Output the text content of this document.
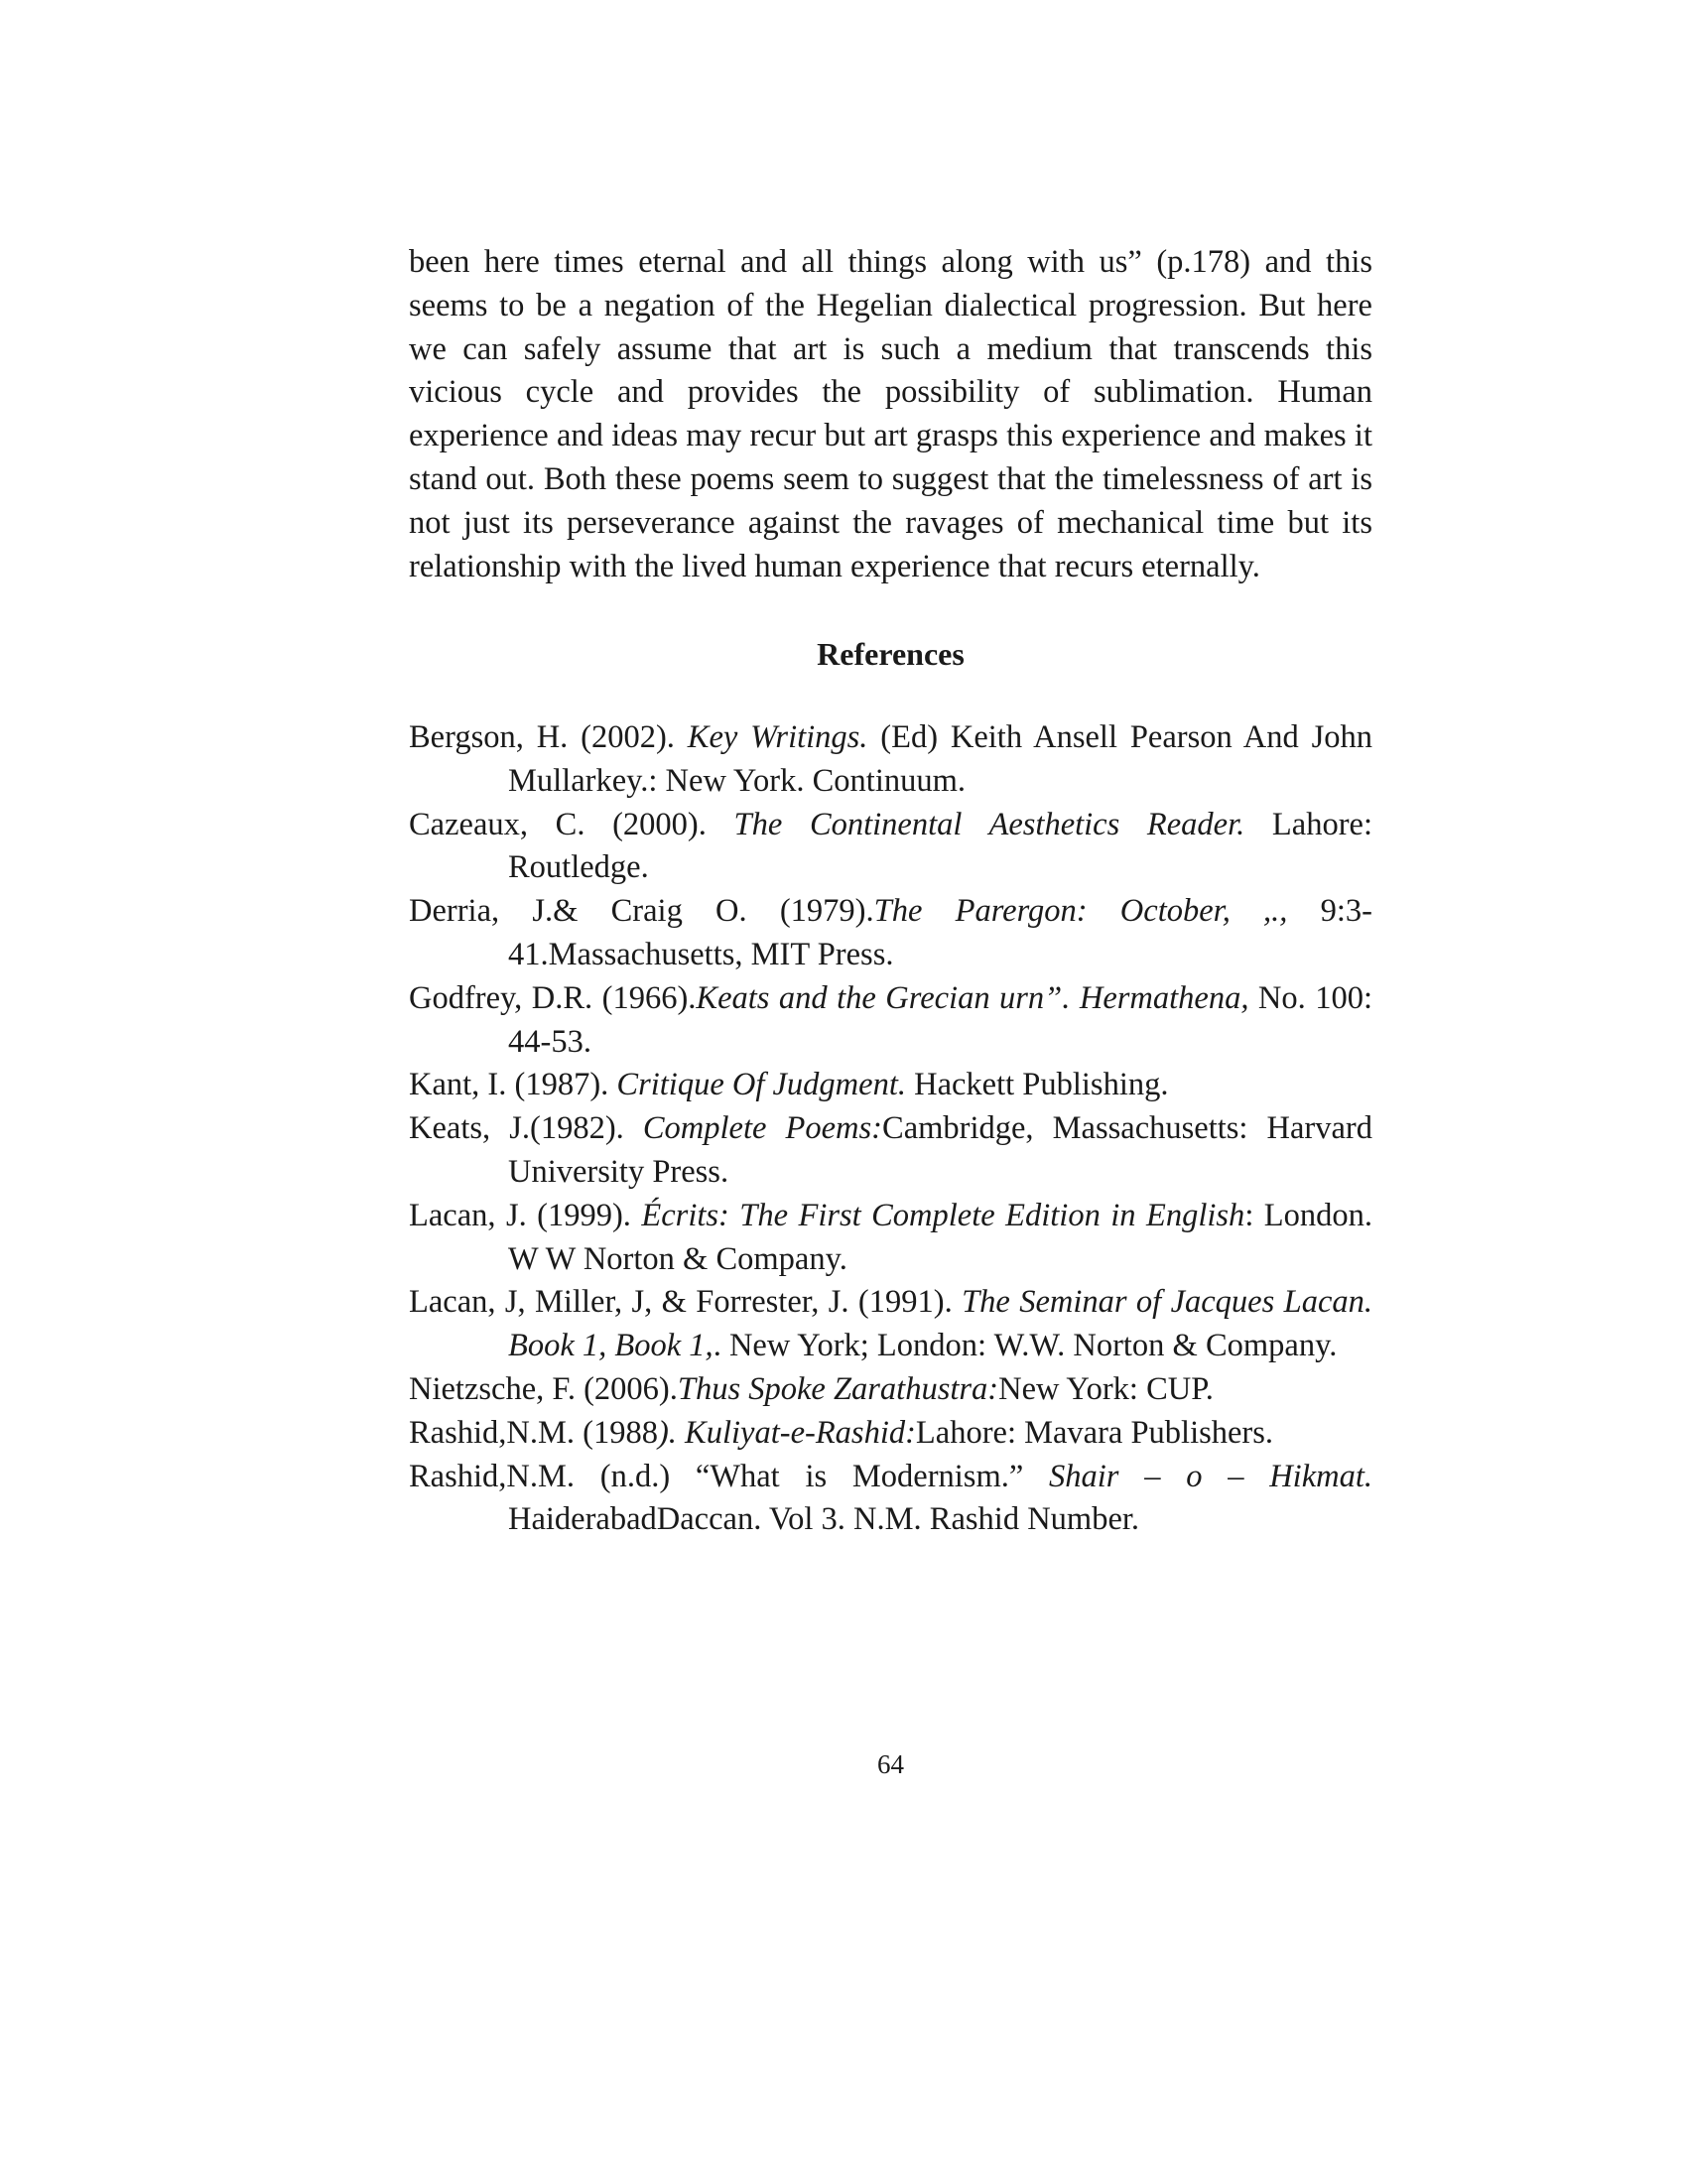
been here times eternal and all things along with us” (p.178) and this seems to be a negation of the Hegelian dialectical progression. But here we can safely assume that art is such a medium that transcends this vicious cycle and provides the possibility of sublimation. Human experience and ideas may recur but art grasps this experience and makes it stand out. Both these poems seem to suggest that the timelessness of art is not just its perseverance against the ravages of mechanical time but its relationship with the lived human experience that recurs eternally.

References
Bergson, H. (2002). Key Writings. (Ed) Keith Ansell Pearson And John Mullarkey.: New York. Continuum.
Cazeaux, C. (2000). The Continental Aesthetics Reader. Lahore: Routledge.
Derria, J.& Craig O. (1979).The Parergon: October, ,., 9:3-41.Massachusetts, MIT Press.
Godfrey, D.R. (1966).Keats and the Grecian urn”. Hermathena, No. 100: 44-53.
Kant, I. (1987). Critique Of Judgment. Hackett Publishing.
Keats, J.(1982). Complete Poems:Cambridge, Massachusetts: Harvard University Press.
Lacan, J. (1999). Écrits: The First Complete Edition in English: London. W W Norton & Company.
Lacan, J, Miller, J, & Forrester, J. (1991). The Seminar of Jacques Lacan. Book 1, Book 1,. New York; London: W.W. Norton & Company.
Nietzsche, F. (2006).Thus Spoke Zarathustra:New York: CUP.
Rashid,N.M. (1988). Kuliyat-e-Rashid:Lahore: Mavara Publishers.
Rashid,N.M. (n.d.) “What is Modernism.” Shair – o – Hikmat. HaiderabadDaccan. Vol 3. N.M. Rashid Number.

64
